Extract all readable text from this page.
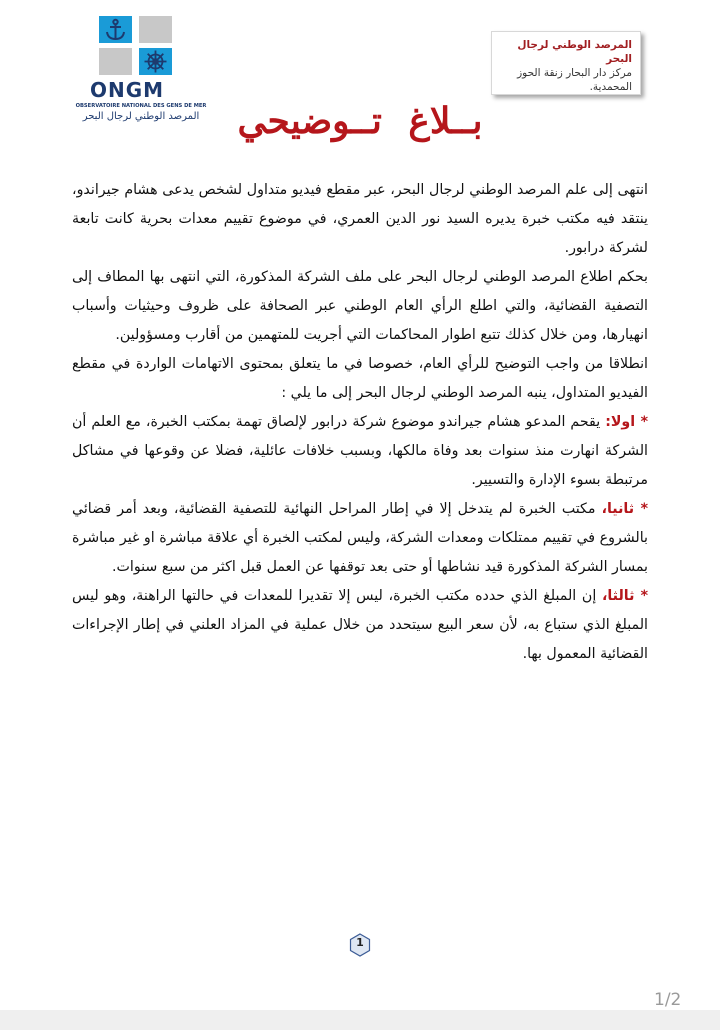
ONGM
OBSERVATOIRE NATIONAL DES GENS DE MER
المرصد الوطني لرجال البحر
المرصد الوطني لرجال البحر
مركز دار البحار زنقة الحوز
المحمدية.
بــلاغ تــوضيحي

انتهى إلى علم المرصد الوطني لرجال البحر، عبر مقطع فيديو متداول لشخص يدعى هشام جيراندو، ينتقد فيه مكتب خبرة يديره السيد نور الدين العمري، في موضوع تقييم معدات بحرية كانت تابعة لشركة درابور.

بحكم اطلاع المرصد الوطني لرجال البحر على ملف الشركة المذكورة، التي انتهى بها المطاف إلى التصفية القضائية، والتي اطلع الرأي العام الوطني عبر الصحافة على ظروف وحيثيات وأسباب انهيارها، ومن خلال كذلك تتبع اطوار المحاكمات التي أجريت للمتهمين من أقارب ومسؤولين.

انطلاقا من واجب التوضيح للرأي العام، خصوصا في ما يتعلق بمحتوى الاتهامات الواردة في مقطع الفيديو المتداول، ينبه المرصد الوطني لرجال البحر إلى ما يلي :

* اولا: يقحم المدعو هشام جيراندو موضوع شركة درابور لإلصاق تهمة بمكتب الخبرة، مع العلم أن الشركة انهارت منذ سنوات بعد وفاة مالكها، وبسبب خلافات عائلية، فضلا عن وقوعها في مشاكل مرتبطة بسوء الإدارة والتسيير.

* ثانيا، مكتب الخبرة لم يتدخل إلا في إطار المراحل النهائية للتصفية القضائية، وبعد أمر قضائي بالشروع في تقييم ممتلكات ومعدات الشركة، وليس لمكتب الخبرة أي علاقة مباشرة او غير مباشرة بمسار الشركة المذكورة قيد نشاطها أو حتى بعد توقفها عن العمل قبل اكثر من سبع سنوات.

* ثالثا، إن المبلغ الذي حدده مكتب الخبرة، ليس إلا تقديرا للمعدات في حالتها الراهنة، وهو ليس المبلغ الذي ستباع به، لأن سعر البيع سيتحدد من خلال عملية في المزاد العلني في إطار الإجراءات القضائية المعمول بها.

1
1/2
